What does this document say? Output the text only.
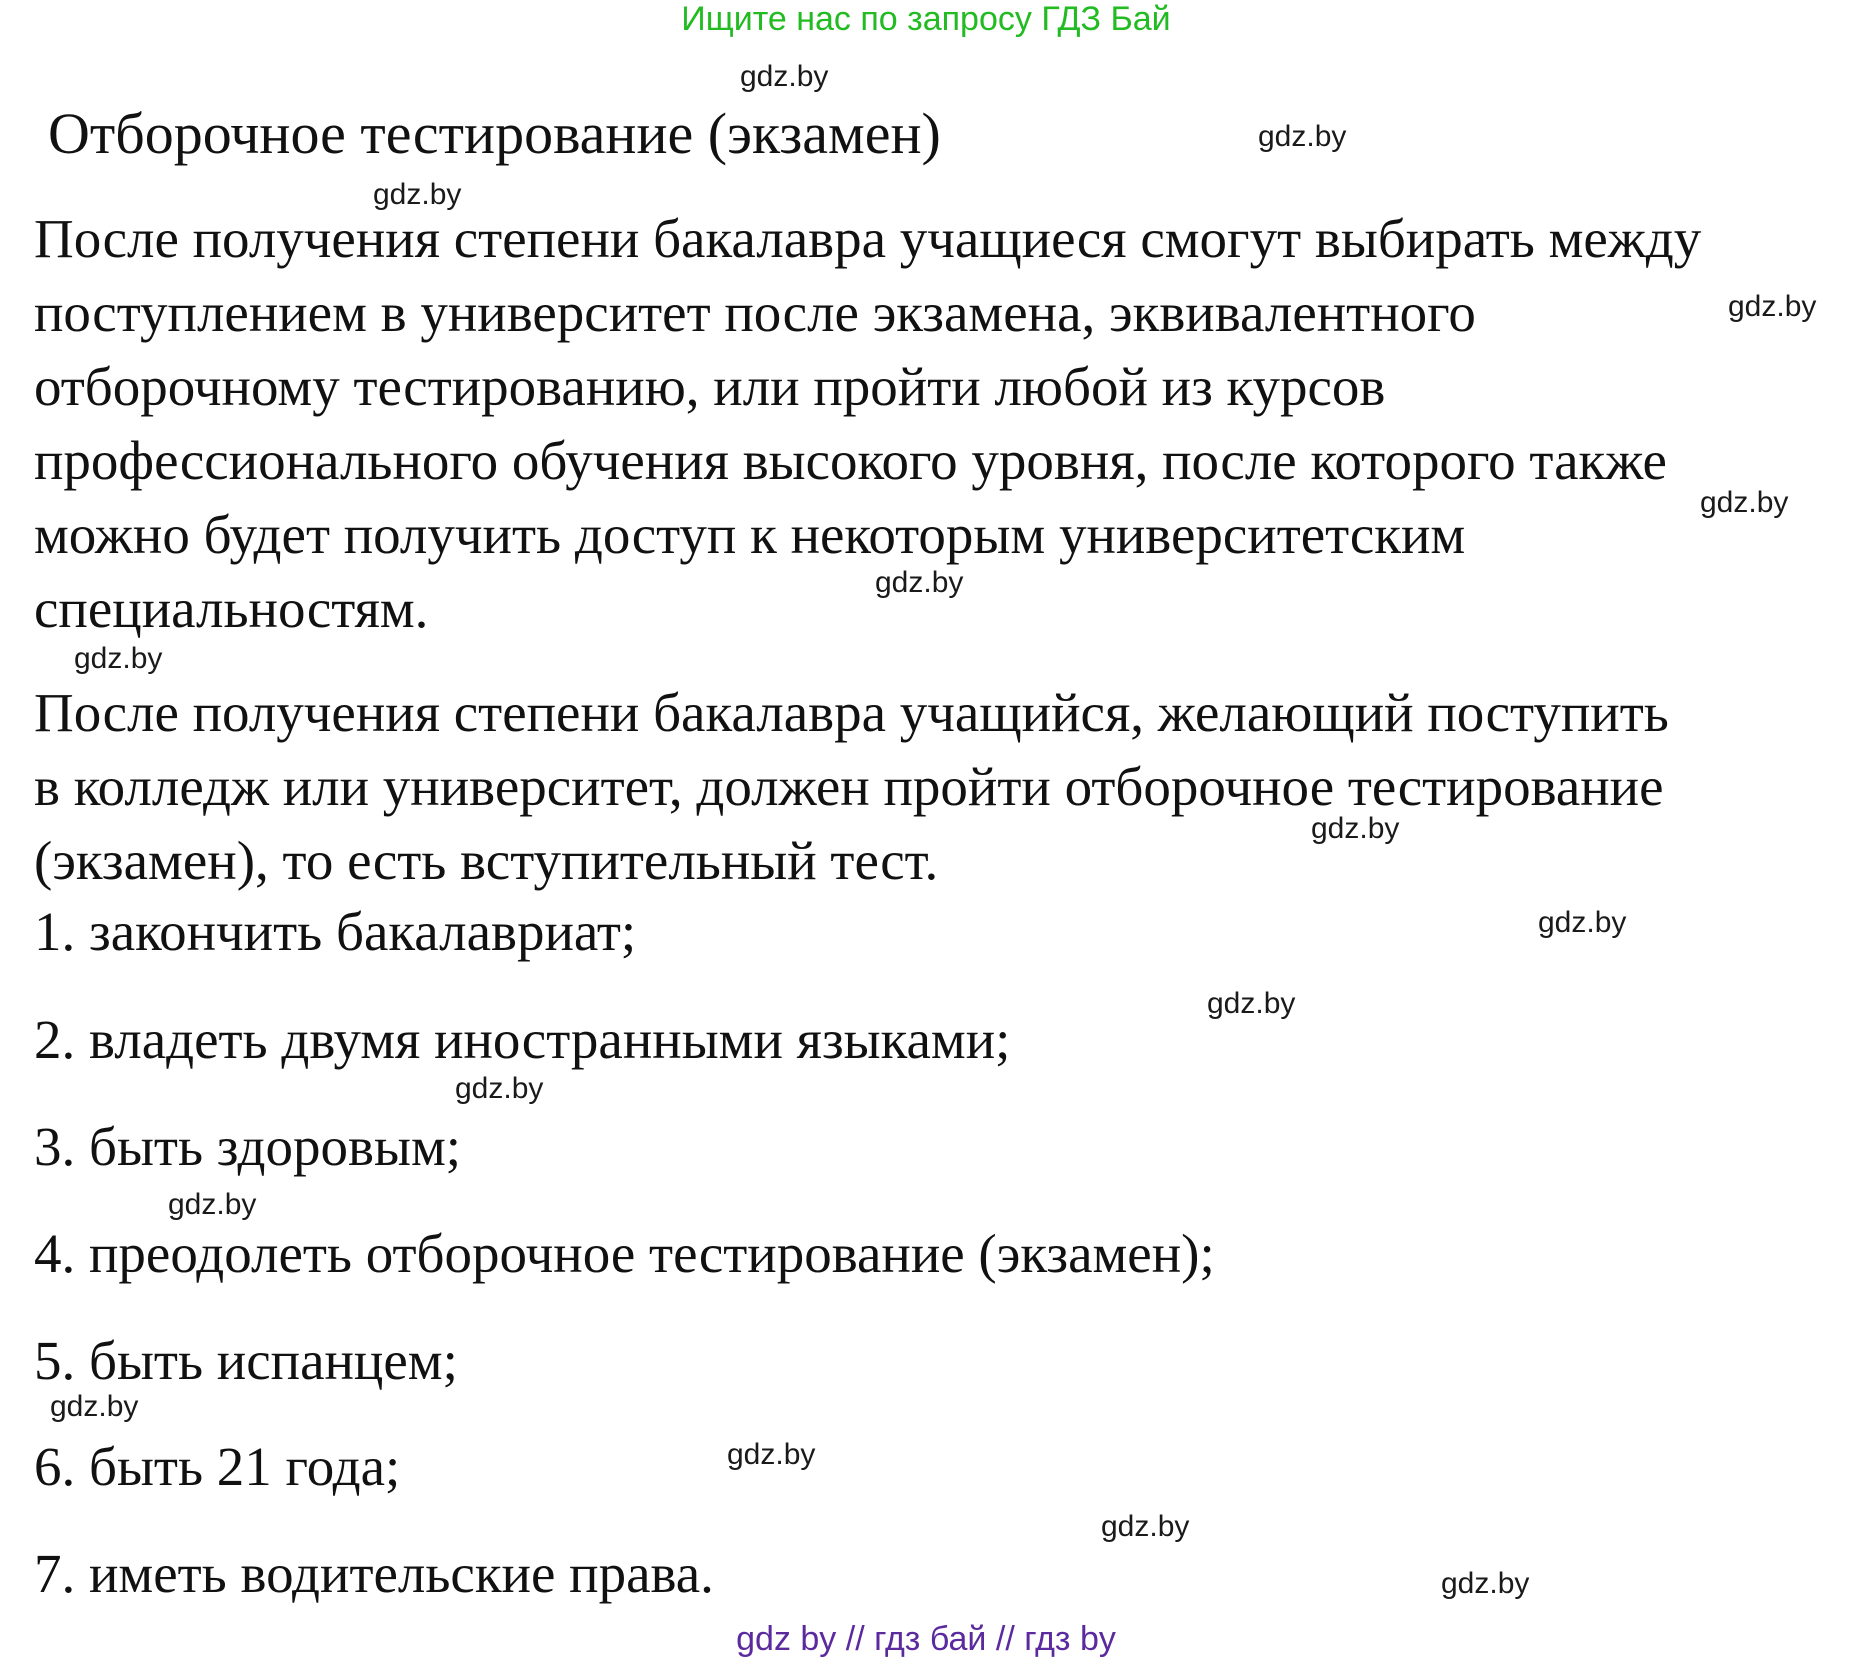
Ищите нас по запросу ГДЗ Бай
Отборочное тестирование (экзамен)
После получения степени бакалавра учащиеся смогут выбирать между
поступлением в университет после экзамена, эквивалентного
отборочному тестированию, или пройти любой из курсов
профессионального обучения высокого уровня, после которого также
можно будет получить доступ к некоторым университетским
специальностям.
После получения степени бакалавра учащийся, желающий поступить
в колледж или университет, должен пройти отборочное тестирование
(экзамен), то есть вступительный тест.
1. закончить бакалавриат;
2. владеть двумя иностранными языками;
3. быть здоровым;
4. преодолеть отборочное тестирование (экзамен);
5. быть испанцем;
6. быть 21 года;
7. иметь водительские права.
gdz.by
gdz.by
gdz.by
gdz.by
gdz.by
gdz.by
gdz.by
gdz.by
gdz.by
gdz.by
gdz.by
gdz.by
gdz.by
gdz.by
gdz.by
gdz.by
gdz by // гдз бай // гдз by
